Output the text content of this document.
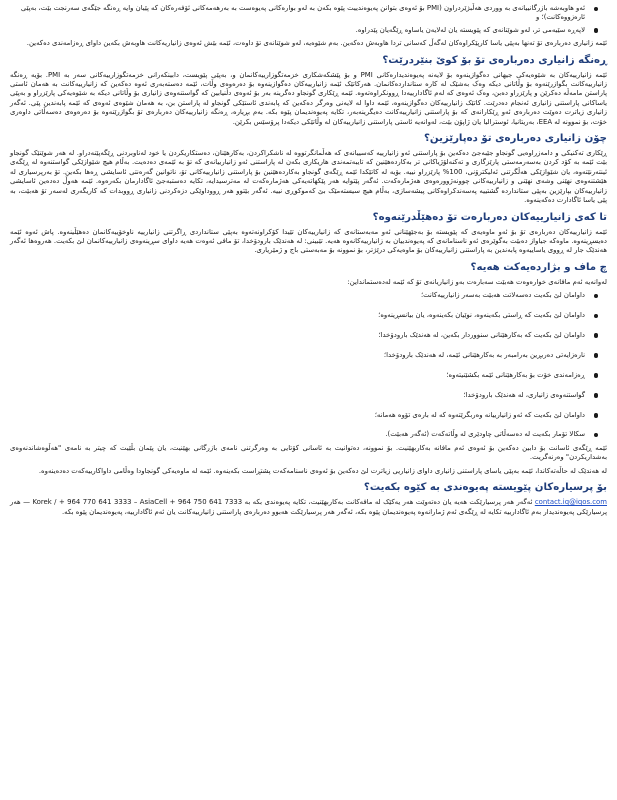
ئەو هاوبەشە بازرگانییانەی بە ووردی هەڵبژێردراون (PMI بۆ ئەوەی بتوانن پەیوەندییت پێوە بکەن بە لەو بوارەکانی پەیوەست بە بەرهەمەکانی ئۆفەرەکان کە پێیان وایە ڕەنگە جێگەی سەرنجت بێت، بەپێی ئارەزووەکانت)؛ و
لاپەڕە سێیەمی تر، لەو شوێنانەی کە پێویستە یان لەلایەن یاساوە ڕێگەیان پێدراوە.

ئێمە زانیاری دەربارەی تۆ تەنها بەپێی یاسا کارپێکراوەکان لەگەڵ کەسانی تردا هاوبەش دەکەین. بەم شێوەیە، لەو شوێنانەی تۆ داوەت، ئێمە بێش ئەوەی زانیاریەکانت هاوبەش بکەین داوای ڕەزامەندی دەکەین.

ڕەنگە زانیاری دەربارەی تۆ بۆ کوێ بنێردرێت؟

ئێمە زانیارییەکان بە شێوەیەکی جیهانی دەگوازینەوە بۆ لایەنە پەیوەندیدارەکانی PMI و بۆ پێشکەشکاری خزمەتگوزارییەکانمان و، بەپێی پێویست، دابینکەرانی خزمەتگوزارییەکانی سەر بە PMI. بۆیە ڕەنگە زانیارییەکانت بگوازرێنەوە بۆ وڵاتانی دیکە وەک بەشێک لە کارە ستانداردەکانمان. هەرکاتێک ئێمە زانیارییەکان دەگوازینەوە بۆ دەرەوەی وڵات، ئێمە دەستەبەری ئەوە دەکەین کە زانیارییەکانت بە هەمان ئاستی پاراستن مامەڵە دەکرێن و پارێزراو دەبن، وەک ئەوەی کە لەم ئاگادارییەدا ڕوونکراوەتەوە. ئێمە ڕێکاری گونجاو دەگرینە بەر بۆ ئەوەی دڵنیابین کە گواستنەوەی زانیاری بۆ وڵاتانی دیکە بە شێوەیەکی پارێزراو و بەپێی یاساکانی پاراستنی زانیاری ئەنجام دەدرێت. کاتێک زانیارییەکان دەگوازینەوە، ئێمە داوا لە لایەنی وەرگر دەکەین کە پابەندی ئاستێکی گونجاو لە پاراستن بن، بە هەمان شێوەی ئەوەی کە ئێمە پابەندین پێی. ئەگەر زانیاری زیاترت دەوێت دەربارەی ئەو ڕێکارانەی کە بۆ پاراستنی زانیارییەکانت دەیگرینەبەر، تکایە پەیوەندیمان پێوە بکە. بەم بڕیارە، ڕەنگە زانیارییەکان دەربارەی تۆ بگوازرێنەوە بۆ دەرەوەی دەسەڵاتی داوەری خۆت، بۆ نموونە لە EEA، بەریتانیا، ئوسترالیا یان ژاپۆن بێت، لەوانەیە ئاستی پاراستنی زانیارییەکان لە وڵاتێکی دیکەدا پرۆسێس بکرێن.

چۆن زانیاری دەربارەی تۆ دەپارێزین؟

ڕێکاری تەکنیکی و دامەزراوەیی گونجاو جێبەجێ دەکەین بۆ پاراستنی ئەو زانیارییە کەسییانەی کە هەڵمانگرتووە لە ناشکراکردن، بەکارهێنان، دەستکاریکردن یا خود لەناوبردنی ڕێگەپێنەدراو. لە هەر شوێنێک گونجاو بێت ئێمە بە کۆد کردن بەسەرمەستی پارێزگاری و تەکنەلۆژیاکانی تر بەکاردەهێنین کە تایبەتمەندی هاریکاری بکەن لە پاراستنی ئەو زانیارییانەی کە تۆ بە ئێمەی دەدەیت. بەڵام هیچ شێوازێکی گواستنەوە لە ڕێگەی ئینتەرنێتەوە، یان شێوازێکی هەڵگرتنی ئەلیکترۆنی، 100% پارێزراو نییە. بۆیە لە کاتێکدا ئێمە ڕێگەی گونجاو بەکاردەهێنین بۆ پاراستنی زانیارییەکانی تۆ، ناتوانین گەرەنتی ئاسایشی ڕەها بکەین. تۆ بەرپرسیاری لە هێشتنەوەی نهێنی وشەی نهێنی و زانیارییەکانی چوونەژوورەوەی هەژمارەکەت. ئەگەر پێتوایە هەر پێکهاتەیەکی هەژمارەکەت لە مەترسیدایە، تکایە دەستبەجێ ئاگادارمان بکەرەوە. ئێمە هەوڵ دەدەین ئاسایشی زانیارییەکان بپارێزین بەپێی ستانداردە گشتییە پەسەندکراوەکانی پیشەسازی، بەڵام هیچ سیستەمێک بێ کەموکوڕی نییە. ئەگەر بێتوو هەر ڕووداوێکی دزەکردنی زانیاری ڕووبدات کە کاریگەری لەسەر تۆ هەبێت، بە پێی یاسا ئاگادارت دەکەینەوە.

تا کەی زانیارییەکان دەربارەت تۆ دەهێڵدرێنەوە؟

ئێمە زانیارییەکان دەربارەی تۆ بۆ ئەو ماوەیەی کە پێویستە بۆ بەجێهێنانی ئەو مەبەستانەی کە زانیارییەکان تێیدا کۆکراونەتەوە بەپێی ستانداردی ڕاگرتنی زانیارییە ناوخۆییەکانمان دەهێڵینەوە. پاش ئەوە ئێمە دەیسڕینەوە. ماوەکە جیاواز دەبێت بەگوێرەی ئەو ناسنامانەی کە پەیوەندییان بە زانیارییەکانەوە هەیە. تێبینی: لە هەندێک بارودۆخدا، تۆ مافی ئەوەت هەیە داوای سڕینەوەی زانیارییەکانمان لێ بکەیت. هەروەها ئەگەر هەندێک جار لە ڕووی یاساییەوە پابەندین بە پاراستنی زانیارییەکان بۆ ماوەیەکی درێژتر، بۆ نموونە بۆ مەبەستی باج و ژمێریاری.

چ ماف و بژاردەیەکت هەیە؟

لەوانەیە ئەم مافانەی خوارەوەت هەبێت سەبارەت بەو زانیاریانەی تۆ کە ئێمە لەدەستمانداین:

داوامان لێ بکەیت دەسەلاتت هەبێت بەسەر زانیارییەکانت؛
داوامان لێ بکەیت کە ڕاستی بکەینەوە، نوێیان بکەینەوە، یان بیانسڕینەوە؛
داوامان لێ بکەیت کە بەکارهێنانی سنووردار بکەین، لە هەندێک بارودۆخدا؛
نارەزایەتی دەربڕین بەرامبەر بە بەکارهێنانی ئێمە، لە هەندێک بارودۆخدا؛
ڕەزامەندی خۆت بۆ بەکارهێنانی ئێمە بکشێنیتەوە؛
گواستنەوەی زانیاری، لە هەندێک بارودۆخدا؛
داوامان لێ بکەیت کە ئەو زانیارییانە وەربگرێتەوە کە لە بارەی تۆوە هەمانە؛
سکالا تۆمار بکەیت لە دەسەڵاتی چاودێری لە وڵاتەکەت (ئەگەر هەبێت).

ئێمە ڕێگەی ئاسانت بۆ دابین دەکەین بۆ ئەوەی ئەم مافانە بەکاربهێنیت. بۆ نموونە، دەتوانیت بە ئاسانی کۆتایی بە وەرگرتنی نامەی بازرگانی بهێنیت، یان پێمان بڵێیت کە چیتر بە نامەی "هەڵوەشاندنەوەی بەشداریکردن" وەرنەگریت.

لە هەندێک لە حاڵەتەکاندا، ئێمە بەپێی یاسای پاراستنی زانیاری داوای زانیاریی زیاترت لێ دەکەین بۆ ئەوەی ناسنامەکەت پشتڕاست بکەینەوە. ئێمە لە ماوەیەکی گونجاودا وەڵامی داواکارییەکەت دەدەینەوە.

بۆ پرسیارەکان پێویستە پەیوەندی بە کێوە بکەیت؟

contact.iq@iqos.com ئەگەر هەر پرسیارێکت هەیە یان دەتەوێت هەر یەکێک لە مافەکانت بەکاربهێنیت، تکایە پەیوەندی بکە بە 7333 641 750 964 + Korek / + 964 770 641 3333 – AsiaCell — هەر پرسیارێکی پەیوەندیدار بەم ئاگادارییە تکایە لە ڕێگەی ئەم ژمارانەوە پەیوەندیمان پێوە بکە، ئەگەر هەر پرسیارێکت هەبوو دەربارەی پاراستنی زانیارییەکانت یان ئەم ئاگادارییە، پەیوەندیمان پێوە بکە.
